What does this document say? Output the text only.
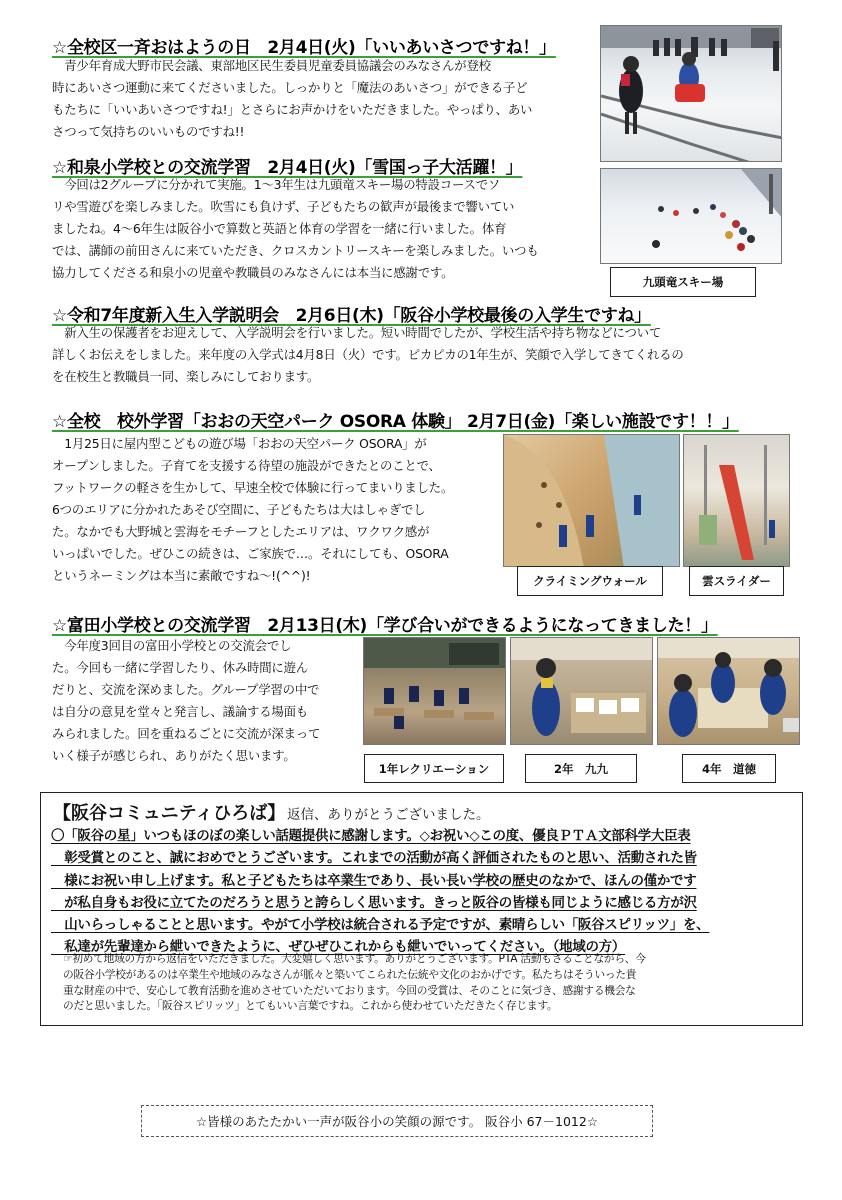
☆全校区一斉おはようの日　2月4日(火)「いいあいさつですね！」
　青少年育成大野市民会議、東部地区民生委員児童委員協議会のみなさんが登校
時にあいさつ運動に来てくださいました。しっかりと「魔法のあいさつ」ができる子ど
もたちに「いいあいさつですね!」とさらにお声かけをいただきました。やっぱり、あい
さつって気持ちのいいものですね!!
☆和泉小学校との交流学習　2月4日(火)「雪国っ子大活躍！」
　今回は2グループに分かれて実施。1～3年生は九頭竜スキー場の特設コースでソ
リや雪遊びを楽しみました。吹雪にも負けず、子どもたちの歓声が最後まで響いてい
ましたね。4～6年生は阪谷小で算数と英語と体育の学習を一緒に行いました。体育
では、講師の前田さんに来ていただき、クロスカントリースキーを楽しみました。いつも
協力してくださる和泉小の児童や教職員のみなさんには本当に感謝です。
九頭竜スキー場
☆令和7年度新入生入学説明会　2月6日(木)「阪谷小学校最後の入学生ですね」
　新入生の保護者をお迎えして、入学説明会を行いました。短い時間でしたが、学校生活や持ち物などについて
詳しくお伝えをしました。来年度の入学式は4月8日（火）です。ピカピカの1年生が、笑顔で入学してきてくれるの
を在校生と教職員一同、楽しみにしております。
☆全校　校外学習「おおの天空パーク OSORA 体験」 2月7日(金)「楽しい施設です！！」
　1月25日に屋内型こどもの遊び場「おおの天空パーク OSORA」が
オープンしました。子育てを支援する待望の施設ができたとのことで、
フットワークの軽さを生かして、早速全校で体験に行ってまいりました。
6つのエリアに分かれたあそび空間に、子どもたちは大はしゃぎでし
た。なかでも大野城と雲海をモチーフとしたエリアは、ワクワク感が
いっぱいでした。ぜひこの続きは、ご家族で…。それにしても、OSORA
というネーミングは本当に素敵ですね～!(^^)!	クライミングウォール	雲スライダー
☆富田小学校との交流学習　2月13日(木)「学び合いができるようになってきました！」
　今年度3回目の富田小学校との交流会でし
た。今回も一緒に学習したり、休み時間に遊ん
だりと、交流を深めました。グループ学習の中で
は自分の意見を堂々と発言し、議論する場面も
みられました。回を重ねるごとに交流が深まって
いく様子が感じられ、ありがたく思います。
1年レクリエーション	2年　九九	4年　道徳
【阪谷コミュニティひろば】 返信、ありがとうございました。
〇「阪谷の星」いつもほのぼの楽しい話題提供に感謝します。◇お祝い◇この度、優良ＰＴＡ文部科学大臣表
　彰受賞とのこと、誠におめでとうございます。これまでの活動が高く評価されたものと思い、活動された皆
　様にお祝い申し上げます。私と子どもたちは卒業生であり、長い長い学校の歴史のなかで、ほんの僅かです
　が私自身もお役に立てたのだろうと思うと誇らしく思います。きっと阪谷の皆様も同じように感じる方が沢
　山いらっしゃることと思います。やがて小学校は統合される予定ですが、素晴らしい「阪谷スピリッツ」を、
　私達が先輩達から紲いできたように、ぜひぜひこれからも紲いでいってください。（地域の方）
☞初めて地域の方から返信をいただきました。大変嬉しく思います。ありがとうございます。PTA 活動もさることながら、今
の阪谷小学校があるのは卒業生や地域のみなさんが脈々と築いてこられた伝統や文化のおかげです。私たちはそういった貴
重な財産の中で、安心して教育活動を進めさせていただいております。今回の受賞は、そのことに気づき、感謝する機会な
のだと思いました。「阪谷スピリッツ」とてもいい言葉ですね。これから使わせていただきたく存じます。
☆皆様のあたたかい一声が阪谷小の笑顔の源です。 阪谷小 67－1012☆
